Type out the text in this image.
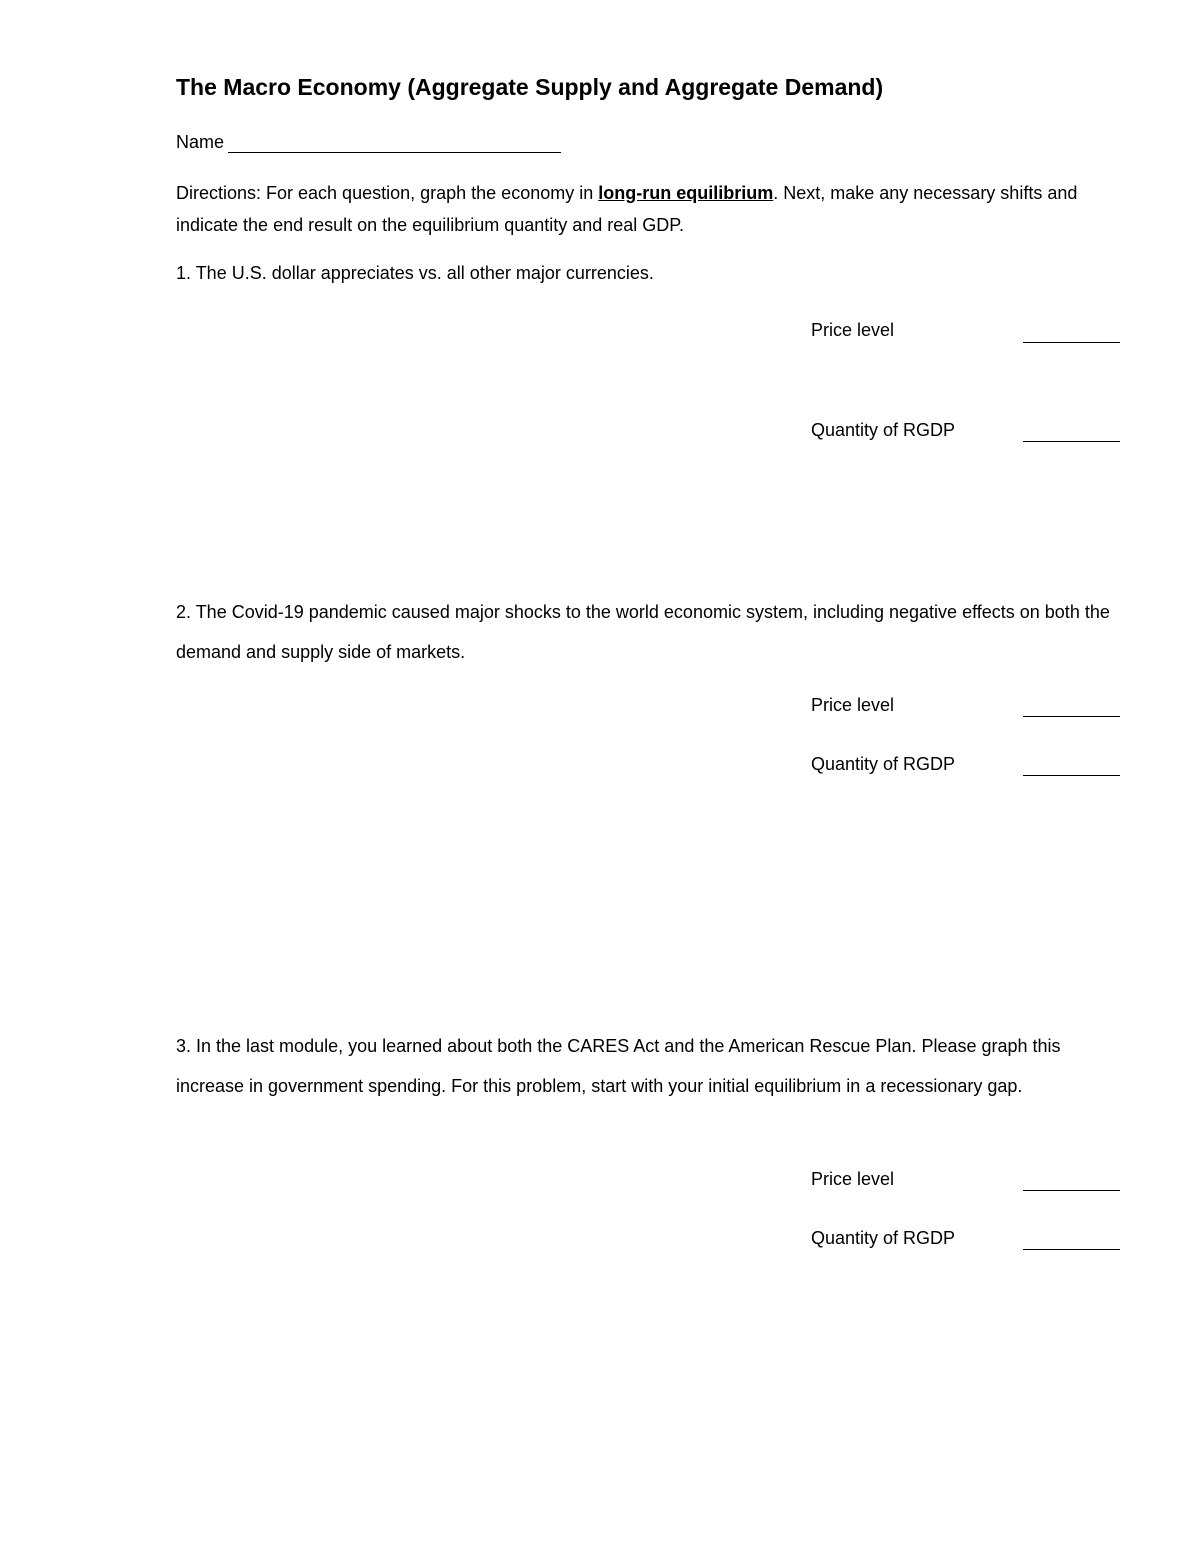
The Macro Economy (Aggregate Supply and Aggregate Demand)
Name
Directions: For each question, graph the economy in long-run equilibrium. Next, make any necessary shifts and indicate the end result on the equilibrium quantity and real GDP.
1. The U.S. dollar appreciates vs. all other major currencies.
Price level
Quantity of RGDP
2. The Covid-19 pandemic caused major shocks to the world economic system, including negative effects on both the demand and supply side of markets.
Price level
Quantity of RGDP
3. In the last module, you learned about both the CARES Act and the American Rescue Plan. Please graph this increase in government spending. For this problem, start with your initial equilibrium in a recessionary gap.
Price level
Quantity of RGDP
